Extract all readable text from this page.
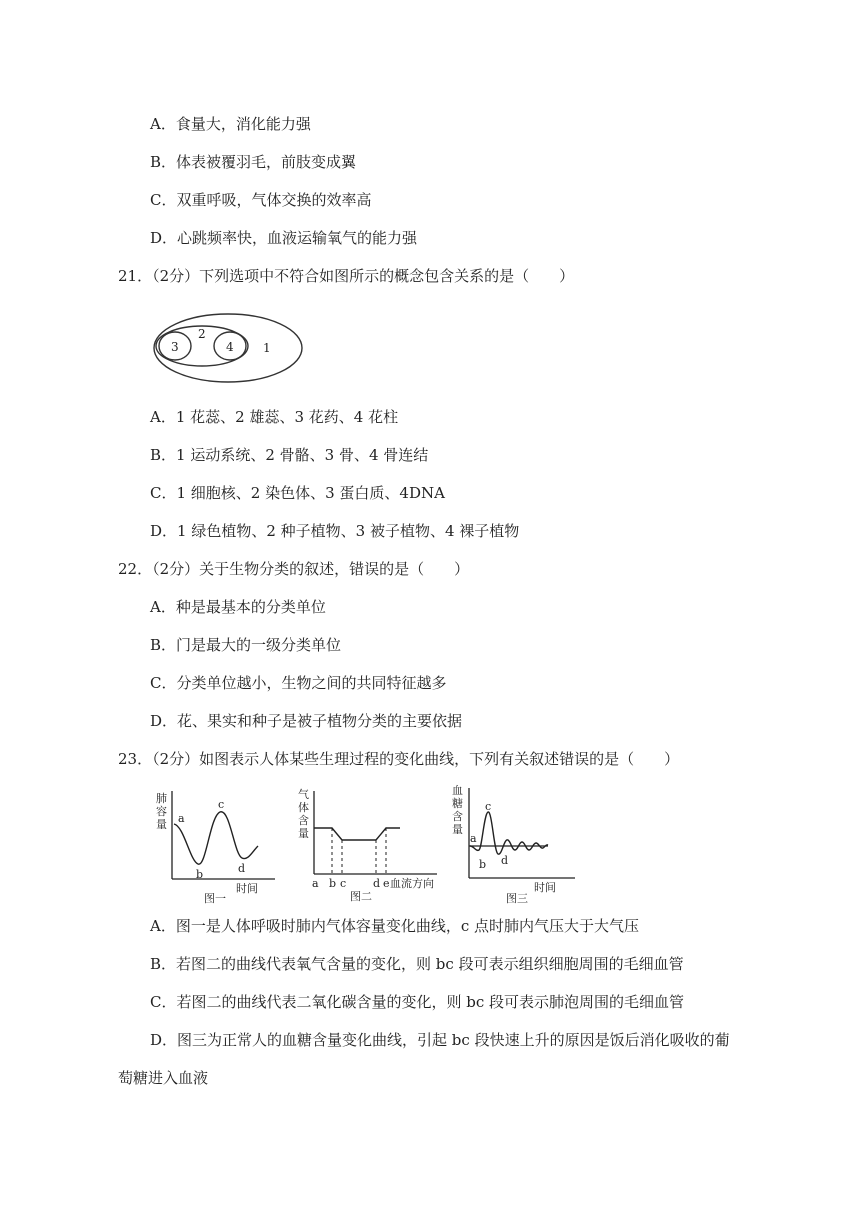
A．食量大，消化能力强
B．体表被覆羽毛，前肢变成翼
C．双重呼吸，气体交换的效率高
D．心跳频率快，血液运输氧气的能力强
21．（2分）下列选项中不符合如图所示的概念包含关系的是（　　）
3
2
4 1
A．1 花蕊、2 雄蕊、3 花药、4 花柱
B．1 运动系统、2 骨骼、3 骨、4 骨连结
C．1 细胞核、2 染色体、3 蛋白质、4DNA
D．1 绿色植物、2 种子植物、3 被子植物、4 裸子植物
22．（2分）关于生物分类的叙述，错误的是（　　）
A．种是最基本的分类单位
B．门是最大的一级分类单位
C．分类单位越小，生物之间的共同特征越多
D．花、果实和种子是被子植物分类的主要依据
23．（2分）如图表示人体某些生理过程的变化曲线，下列有关叙述错误的是（　　）
肺
容
量 a
b
c
d
时间
图一
气
体
含
量
a b c d e 血流方向
图二
血
糖
含
量
a
b
c
d
时间
图三
A．图一是人体呼吸时肺内气体容量变化曲线，c 点时肺内气压大于大气压
B．若图二的曲线代表氧气含量的变化，则 bc 段可表示组织细胞周围的毛细血管
C．若图二的曲线代表二氧化碳含量的变化，则 bc 段可表示肺泡周围的毛细血管
D．图三为正常人的血糖含量变化曲线，引起 bc 段快速上升的原因是饭后消化吸收的葡
萄糖进入血液
